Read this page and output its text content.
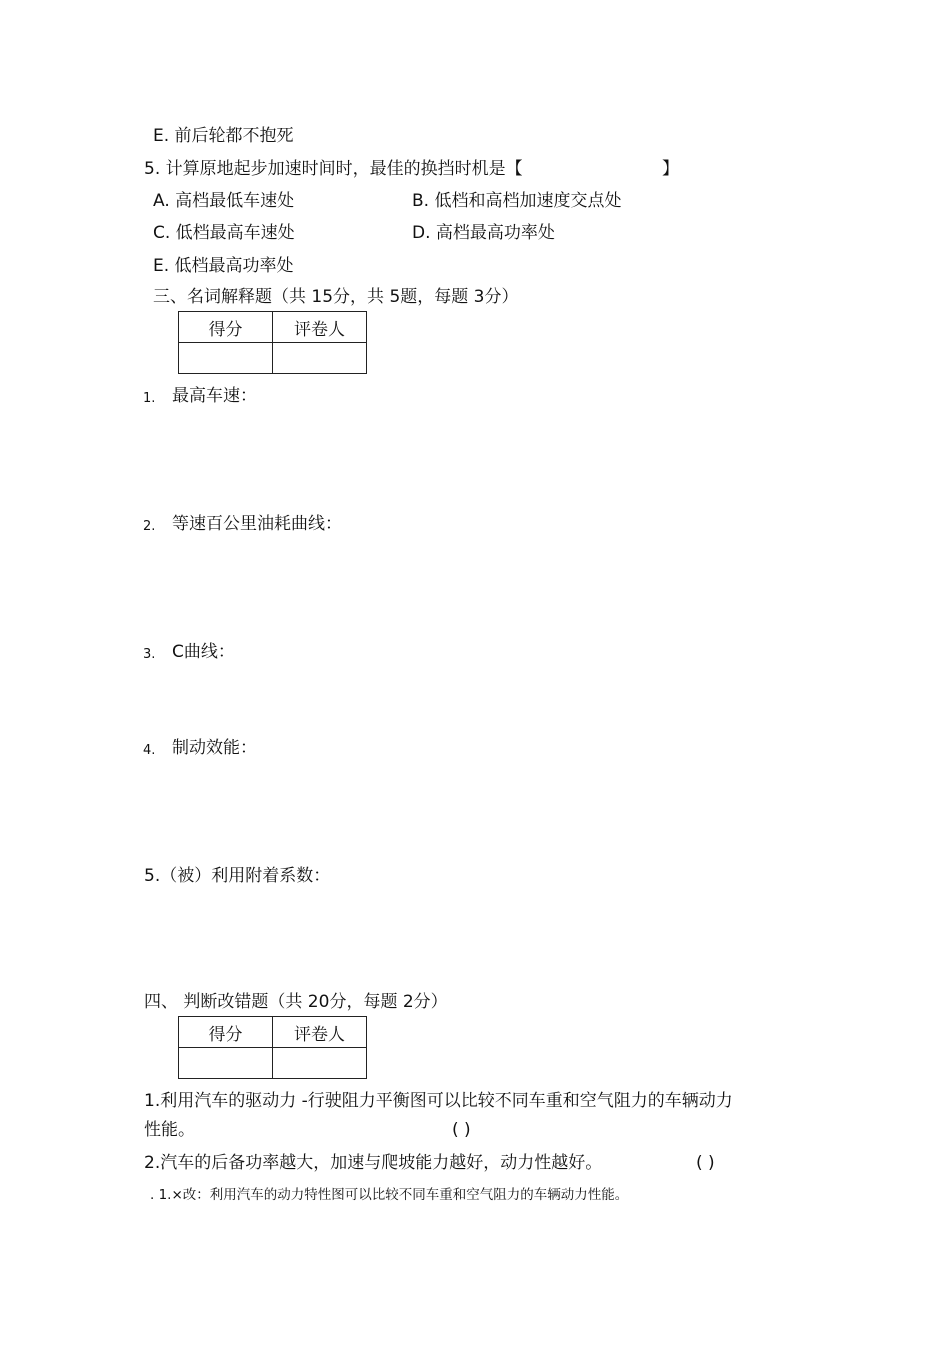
E. 前后轮都不抱死
5. 计算原地起步加速时间时，最佳的换挡时机是【	】
A. 高档最低车速处	B. 低档和高档加速度交点处
C. 低档最高车速处	D. 高档最高功率处
E. 低档最高功率处
三、名词解释题（共 15分，共 5题，每题 3分）
得分	评卷人

1. 最高车速：
2. 等速百公里油耗曲线：
3. C曲线：
4. 制动效能：
5.（被）利用附着系数：
四、 判断改错题（共 20分，每题 2分）
得分	评卷人

1.利用汽车的驱动力 -行驶阻力平衡图可以比较不同车重和空气阻力的车辆动力
性能。	( )
2.汽车的后备功率越大，加速与爬坡能力越好，动力性越好。	( )
. 1.×改：利用汽车的动力特性图可以比较不同车重和空气阻力的车辆动力性能。
